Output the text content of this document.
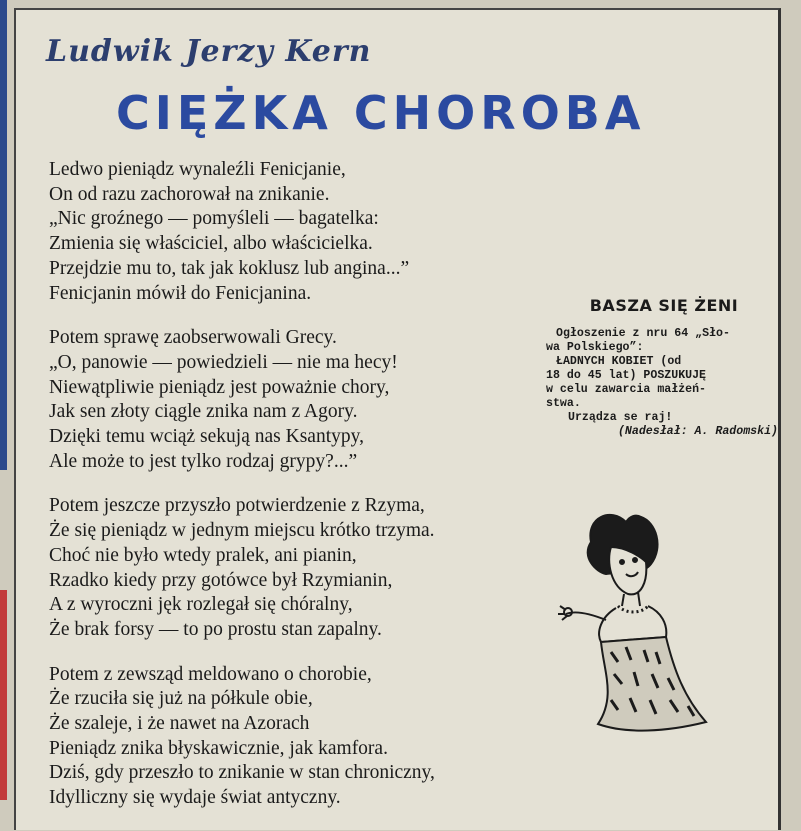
Ludwik Jerzy Kern
CIĘŻKA CHOROBA
Ledwo pieniądz wynaleźli Fenicjanie,
On od razu zachorował na znikanie.
„Nic groźnego — pomyśleli — bagatelka:
Zmienia się właściciel, albo właścicielka.
Przejdzie mu to, tak jak koklusz lub angina...”
Fenicjanin mówił do Fenicjanina.
Potem sprawę zaobserwowali Grecy.
„O, panowie — powiedzieli — nie ma hecy!
Niewątpliwie pieniądz jest poważnie chory,
Jak sen złoty ciągle znika nam z Agory.
Dzięki temu wciąż sekują nas Ksantypy,
Ale może to jest tylko rodzaj grypy?...”
Potem jeszcze przyszło potwierdzenie z Rzyma,
Że się pieniądz w jednym miejscu krótko trzyma.
Choć nie było wtedy pralek, ani pianin,
Rzadko kiedy przy gotówce był Rzymianin,
A z wyroczni jęk rozlegał się chóralny,
Że brak forsy — to po prostu stan zapalny.
Potem z zewsząd meldowano o chorobie,
Że rzuciła się już na półkule obie,
Że szaleje, i że nawet na Azorach
Pieniądz znika błyskawicznie, jak kamfora.
Dziś, gdy przeszło to znikanie w stan chroniczny,
Idylliczny się wydaje świat antyczny.
BASZA SIĘ ŻENI
Ogłoszenie z nru 64 „Sło-
wa Polskiego”:
ŁADNYCH KOBIET (od
18 do 45 lat) POSZUKUJĘ
w celu zawarcia małżeń-
stwa.
Urządza se raj!
(Nadesłał: A. Radomski)
